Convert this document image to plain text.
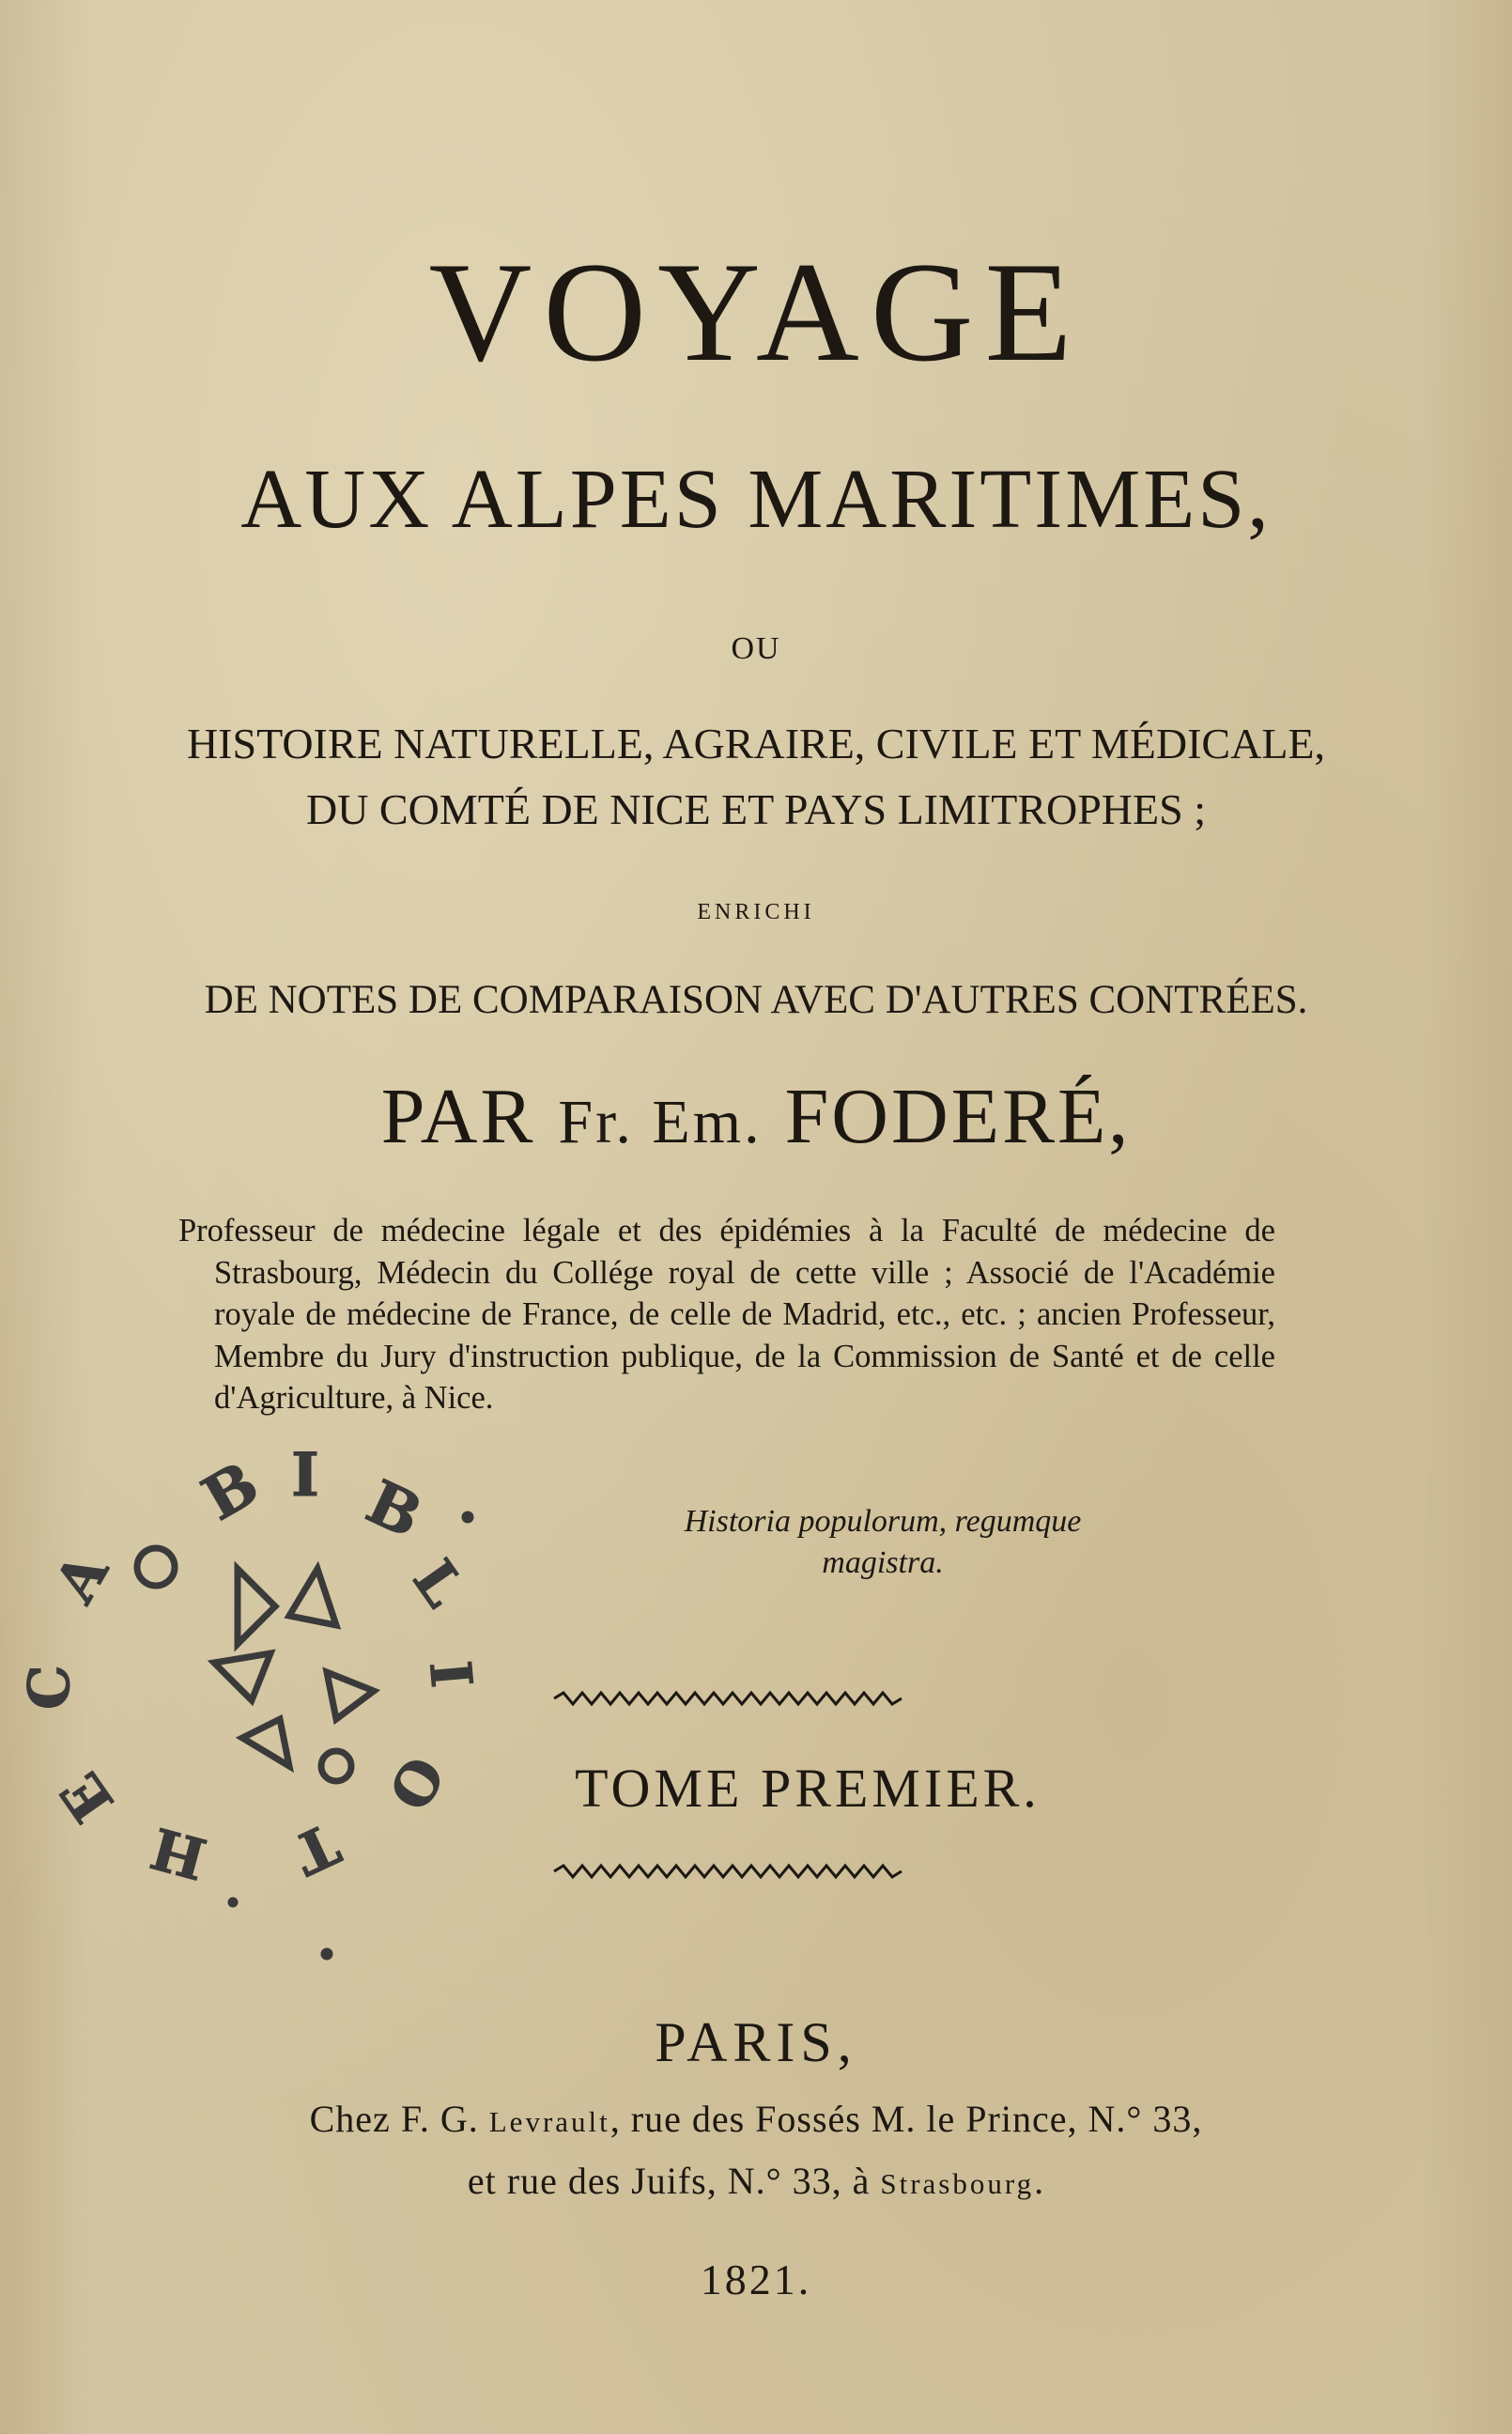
VOYAGE
AUX ALPES MARITIMES,
OU
HISTOIRE NATURELLE, AGRAIRE, CIVILE ET MÉDICALE,
DU COMTÉ DE NICE ET PAYS LIMITROPHES ;
ENRICHI
DE NOTES DE COMPARAISON AVEC D'AUTRES CONTRÉES.
PAR Fr. Em. FODERÉ,
Professeur de médecine légale et des épidémies à la Faculté de médecine de Strasbourg, Médecin du Collége royal de cette ville ; Associé de l'Académie royale de médecine de France, de celle de Madrid, etc., etc. ; ancien Professeur, Membre du Jury d'instruction publique, de la Commission de Santé et de celle d'Agriculture, à Nice.
B I B
L
I
O
T
H
E
C
A
Historia populorum, regumque
magistra.
TOME PREMIER.
PARIS,
Chez F. G. Levrault, rue des Fossés M. le Prince, N.° 33,
et rue des Juifs, N.° 33, à Strasbourg.
1821.
